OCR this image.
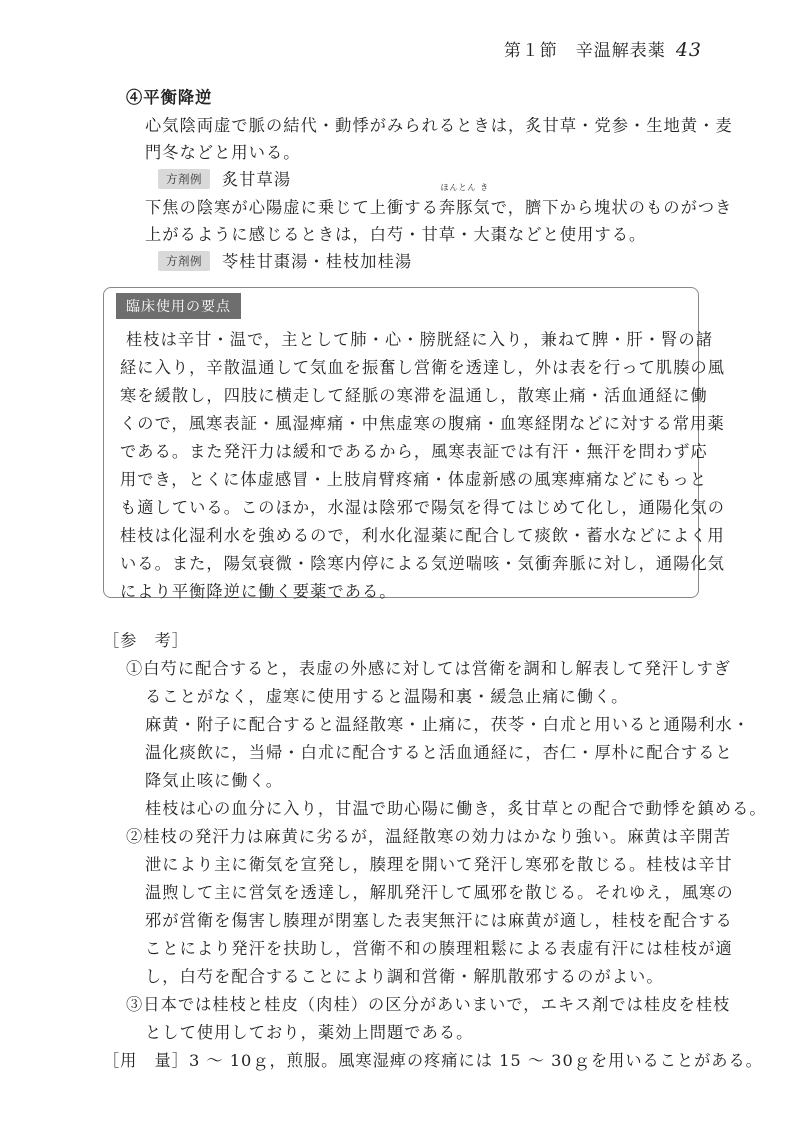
第１節　辛温解表薬 43
④平衡降逆
心気陰両虚で脈の結代・動悸がみられるときは，炙甘草・党参・生地黄・麦
門冬などと用いる。
方剤例 炙甘草湯
下焦の陰寒が心陽虚に乗じて上衝する
ほんとん き
奔豚気で，臍下から塊状のものがつき
上がるように感じるときは，白芍・甘草・大棗などと使用する。
方剤例 苓桂甘棗湯・桂枝加桂湯
桂枝は辛甘・温で，主として肺・心・膀胱経に入り，兼ねて脾・肝・腎の諸
経に入り，辛散温通して気血を振奮し営衛を透達し，外は表を行って肌腠の風
寒を緩散し，四肢に横走して経脈の寒滞を温通し，散寒止痛・活血通経に働
くので，風寒表証・風湿痺痛・中焦虚寒の腹痛・血寒経閉などに対する常用薬
である。また発汗力は緩和であるから，風寒表証では有汗・無汗を問わず応
用でき，とくに体虚感冒・上肢肩臂疼痛・体虚新感の風寒痺痛などにもっと
も適している。このほか，水湿は陰邪で陽気を得てはじめて化し，通陽化気の
桂枝は化湿利水を強めるので，利水化湿薬に配合して痰飲・蓄水などによく用
いる。また，陽気衰微・陰寒内停による気逆喘咳・気衝奔脈に対し，通陽化気
により平衡降逆に働く要薬である。
臨床使用の要点
［参　考］
①白芍に配合すると，表虚の外感に対しては営衛を調和し解表して発汗しすぎ
ることがなく，虚寒に使用すると温陽和裏・緩急止痛に働く。
麻黄・附子に配合すると温経散寒・止痛に，茯苓・白朮と用いると通陽利水・
温化痰飲に，当帰・白朮に配合すると活血通経に，杏仁・厚朴に配合すると
降気止咳に働く。
桂枝は心の血分に入り，甘温で助心陽に働き，炙甘草との配合で動悸を鎮める。
②桂枝の発汗力は麻黄に劣るが，温経散寒の効力はかなり強い。麻黄は辛開苦
泄により主に衛気を宣発し，腠理を開いて発汗し寒邪を散じる。桂枝は辛甘
温煦して主に営気を透達し，解肌発汗して風邪を散じる。それゆえ，風寒の
邪が営衛を傷害し腠理が閉塞した表実無汗には麻黄が適し，桂枝を配合する
ことにより発汗を扶助し，営衛不和の腠理粗鬆による表虚有汗には桂枝が適
し，白芍を配合することにより調和営衛・解肌散邪するのがよい。
③日本では桂枝と桂皮（肉桂）の区分があいまいで，エキス剤では桂皮を桂枝
として使用しており，薬効上問題である。
［用　量］3 〜 10ｇ，煎服。風寒湿痺の疼痛には 15 〜 30ｇを用いることがある。
